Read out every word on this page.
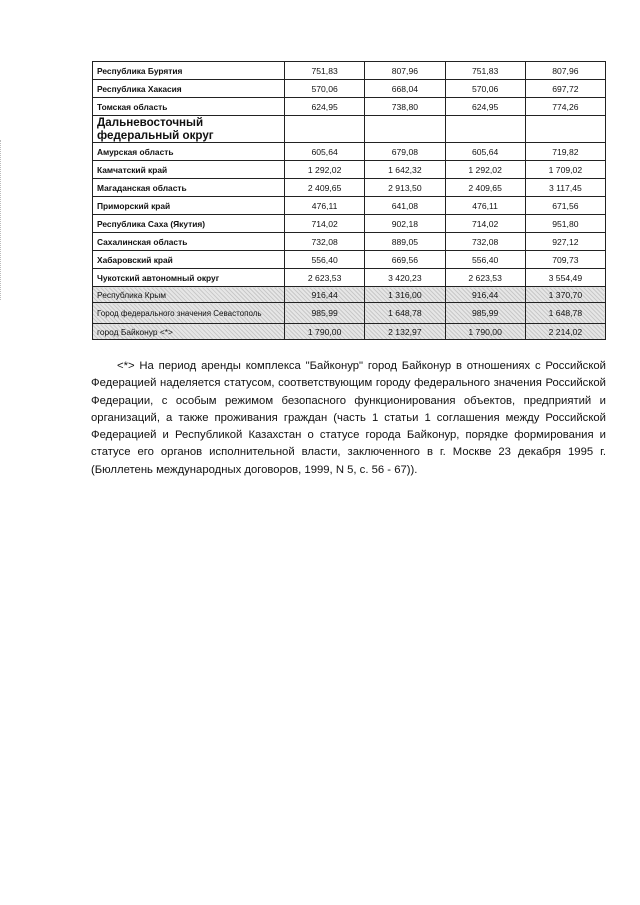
Республика Бурятия	751,83	807,96	751,83	807,96
Республика Хакасия	570,06	668,04	570,06	697,72
Томская область	624,95	738,80	624,95	774,26
Дальневосточный федеральный округ				
Амурская область	605,64	679,08	605,64	719,82
Камчатский край	1 292,02	1 642,32	1 292,02	1 709,02
Магаданская область	2 409,65	2 913,50	2 409,65	3 117,45
Приморский край	476,11	641,08	476,11	671,56
Республика Саха (Якутия)	714,02	902,18	714,02	951,80
Сахалинская область	732,08	889,05	732,08	927,12
Хабаровский край	556,40	669,56	556,40	709,73
Чукотский автономный округ	2 623,53	3 420,23	2 623,53	3 554,49
Республика Крым	916,44	1 316,00	916,44	1 370,70
Город федерального значения Севастополь	985,99	1 648,78	985,99	1 648,78
город Байконур <*>	1 790,00	2 132,97	1 790,00	2 214,02

<*> На период аренды комплекса "Байконур" город Байконур в отношениях с Российской Федерацией наделяется статусом, соответствующим городу федерального значения Российской Федерации, с особым режимом безопасного функционирования объектов, предприятий и организаций, а также проживания граждан (часть 1 статьи 1 соглашения между Российской Федерацией и Республикой Казахстан о статусе города Байконур, порядке формирования и статусе его органов исполнительной власти, заключенного в г. Москве 23 декабря 1995 г. (Бюллетень международных договоров, 1999, N 5, с. 56 - 67)).
